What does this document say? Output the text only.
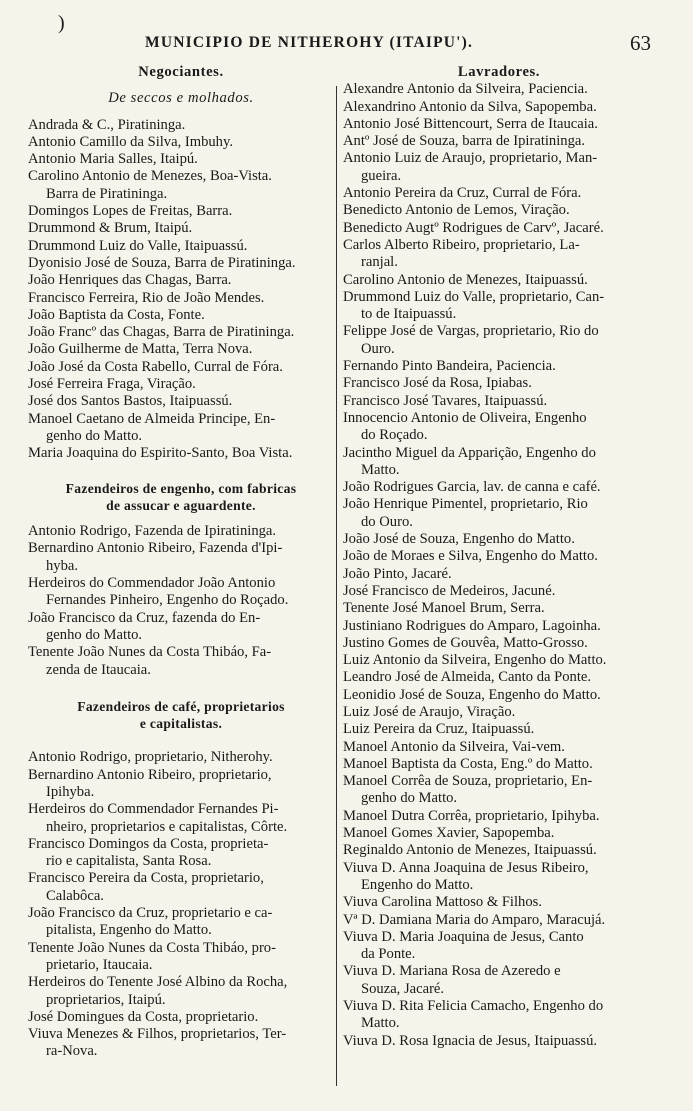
)
MUNICIPIO DE NITHEROHY (ITAIPU').	63
Negociantes.
De seccos e molhados.
Andrada & C., Piratininga.
Antonio Camillo da Silva, Imbuhy.
Antonio Maria Salles, Itaipú.
Carolino Antonio de Menezes, Boa-Vista.
Barra de Piratininga.
Domingos Lopes de Freitas, Barra.
Drummond & Brum, Itaipú.
Drummond Luiz do Valle, Itaipuassú.
Dyonisio José de Souza, Barra de Piratininga.
João Henriques das Chagas, Barra.
Francisco Ferreira, Rio de João Mendes.
João Baptista da Costa, Fonte.
João Francº das Chagas, Barra de Piratininga.
João Guilherme de Matta, Terra Nova.
João José da Costa Rabello, Curral de Fóra.
José Ferreira Fraga, Viração.
José dos Santos Bastos, Itaipuassú.
Manoel Caetano de Almeida Principe, En-
genho do Matto.
Maria Joaquina do Espirito-Santo, Boa Vista.
Fazendeiros de engenho, com fabricas
de assucar e aguardente.
Antonio Rodrigo, Fazenda de Ipiratininga.
Bernardino Antonio Ribeiro, Fazenda d'Ipi-
hyba.
Herdeiros do Commendador João Antonio
Fernandes Pinheiro, Engenho do Roçado.
João Francisco da Cruz, fazenda do En-
genho do Matto.
Tenente João Nunes da Costa Thibáo, Fa-
zenda de Itaucaia.
Fazendeiros de café, proprietarios
e capitalistas.
Antonio Rodrigo, proprietario, Nitherohy.
Bernardino Antonio Ribeiro, proprietario,
Ipihyba.
Herdeiros do Commendador Fernandes Pi-
nheiro, proprietarios e capitalistas, Côrte.
Francisco Domingos da Costa, proprieta-
rio e capitalista, Santa Rosa.
Francisco Pereira da Costa, proprietario,
Calabôca.
João Francisco da Cruz, proprietario e ca-
pitalista, Engenho do Matto.
Tenente João Nunes da Costa Thibáo, pro-
prietario, Itaucaia.
Herdeiros do Tenente José Albino da Rocha,
proprietarios, Itaipú.
José Domingues da Costa, proprietario.
Viuva Menezes & Filhos, proprietarios, Ter-
ra-Nova.
Lavradores.
Alexandre Antonio da Silveira, Paciencia.
Alexandrino Antonio da Silva, Sapopemba.
Antonio José Bittencourt, Serra de Itaucaia.
Antº José de Souza, barra de Ipiratininga.
Antonio Luiz de Araujo, proprietario, Man-
gueira.
Antonio Pereira da Cruz, Curral de Fóra.
Benedicto Antonio de Lemos, Viração.
Benedicto Augtº Rodrigues de Carvº, Jacaré.
Carlos Alberto Ribeiro, proprietario, La-
ranjal.
Carolino Antonio de Menezes, Itaipuassú.
Drummond Luiz do Valle, proprietario, Can-
to de Itaipuassú.
Felippe José de Vargas, proprietario, Rio do
Ouro.
Fernando Pinto Bandeira, Paciencia.
Francisco José da Rosa, Ipiabas.
Francisco José Tavares, Itaipuassú.
Innocencio Antonio de Oliveira, Engenho
do Roçado.
Jacintho Miguel da Apparição, Engenho do
Matto.
João Rodrigues Garcia, lav. de canna e café.
João Henrique Pimentel, proprietario, Rio
do Ouro.
João José de Souza, Engenho do Matto.
João de Moraes e Silva, Engenho do Matto.
João Pinto, Jacaré.
José Francisco de Medeiros, Jacuné.
Tenente José Manoel Brum, Serra.
Justiniano Rodrigues do Amparo, Lagoinha.
Justino Gomes de Gouvêa, Matto-Grosso.
Luiz Antonio da Silveira, Engenho do Matto.
Leandro José de Almeida, Canto da Ponte.
Leonidio José de Souza, Engenho do Matto.
Luiz José de Araujo, Viração.
Luiz Pereira da Cruz, Itaipuassú.
Manoel Antonio da Silveira, Vai-vem.
Manoel Baptista da Costa, Eng.º do Matto.
Manoel Corrêa de Souza, proprietario, En-
genho do Matto.
Manoel Dutra Corrêa, proprietario, Ipihyba.
Manoel Gomes Xavier, Sapopemba.
Reginaldo Antonio de Menezes, Itaipuassú.
Viuva D. Anna Joaquina de Jesus Ribeiro,
Engenho do Matto.
Viuva Carolina Mattoso & Filhos.
Vª D. Damiana Maria do Amparo, Maracujá.
Viuva D. Maria Joaquina de Jesus, Canto
da Ponte.
Viuva D. Mariana Rosa de Azeredo e
Souza, Jacaré.
Viuva D. Rita Felicia Camacho, Engenho do
Matto.
Viuva D. Rosa Ignacia de Jesus, Itaipuassú.
